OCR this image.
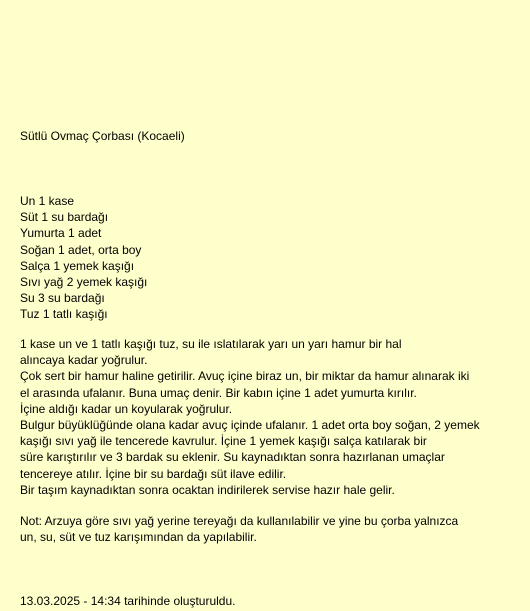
Sütlü Ovmaç Çorbası (Kocaeli)
Un 1 kase
Süt 1 su bardağı
Yumurta 1 adet
Soğan 1 adet, orta boy
Salça 1 yemek kaşığı
Sıvı yağ 2 yemek kaşığı
Su 3 su bardağı
Tuz 1 tatlı kaşığı
1 kase un ve 1 tatlı kaşığı tuz, su ile ıslatılarak yarı un yarı hamur bir hal
alıncaya kadar yoğrulur.
Çok sert bir hamur haline getirilir. Avuç içine biraz un, bir miktar da hamur alınarak iki
el arasında ufalanır. Buna umaç denir. Bir kabın içine 1 adet yumurta kırılır.
İçine aldığı kadar un koyularak yoğrulur.
Bulgur büyüklüğünde olana kadar avuç içinde ufalanır. 1 adet orta boy soğan, 2 yemek
kaşığı sıvı yağ ile tencerede kavrulur. İçine 1 yemek kaşığı salça katılarak bir
süre karıştırılır ve 3 bardak su eklenir. Su kaynadıktan sonra hazırlanan umaçlar
tencereye atılır. İçine bir su bardağı süt ilave edilir.
Bir taşım kaynadıktan sonra ocaktan indirilerek servise hazır hale gelir.
Not: Arzuya göre sıvı yağ yerine tereyağı da kullanılabilir ve yine bu çorba yalnızca
un, su, süt ve tuz karışımından da yapılabilir.
13.03.2025 - 14:34 tarihinde oluşturuldu.
